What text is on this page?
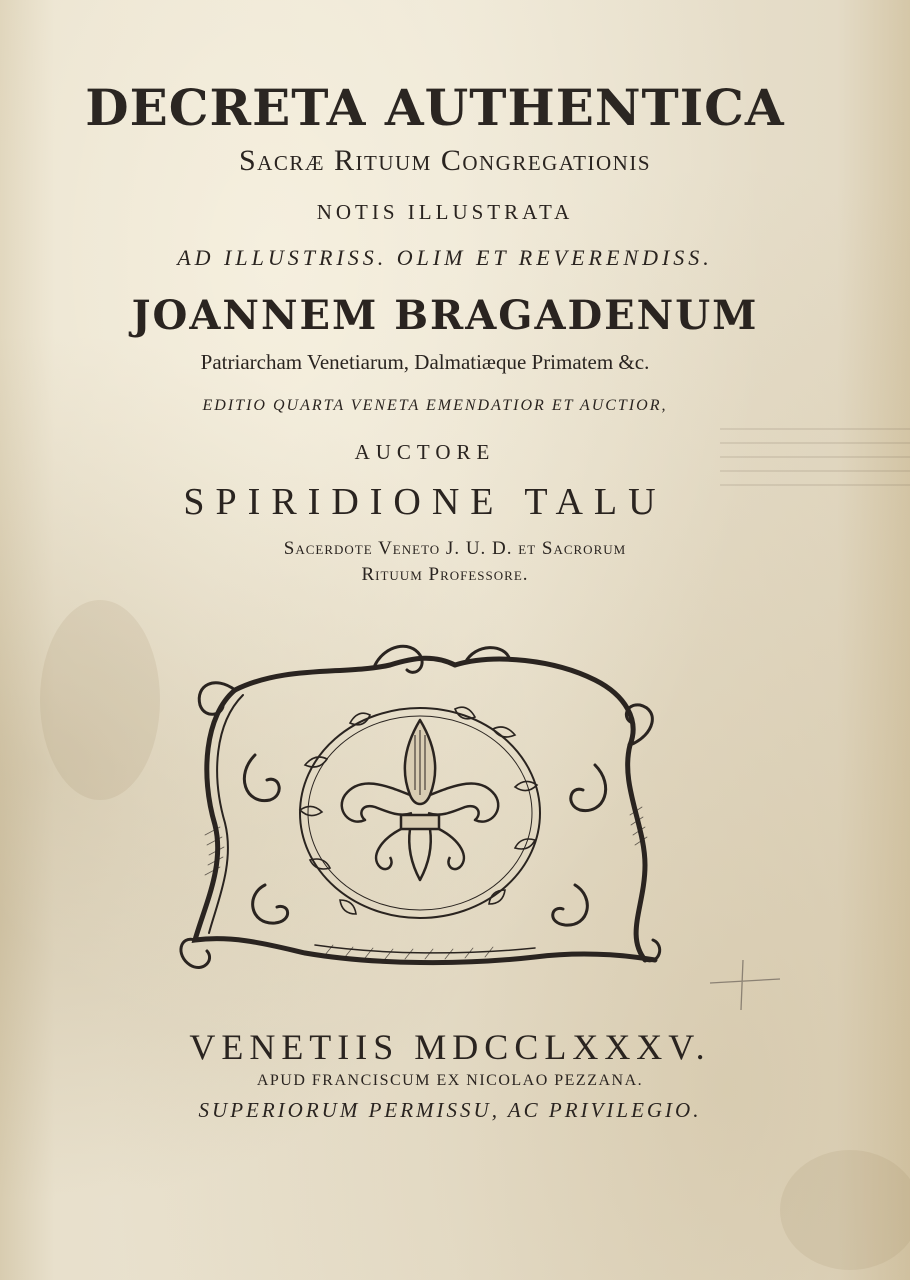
DECRETA AUTHENTICA
Sacræ Rituum Congregationis
NOTIS ILLUSTRATA
AD ILLUSTRISS. OLIM ET REVERENDISS.
JOANNEM BRAGADENUM
Patriarcham Venetiarum, Dalmatiæque Primatem &c.
EDITIO QUARTA VENETA EMENDATIOR ET AUCTIOR,
AUCTORE
SPIRIDIONE TALU
Sacerdote Veneto J. U. D. et Sacrorum
Rituum Professore.
VENETIIS MDCCLXXXV.
APUD FRANCISCUM EX NICOLAO PEZZANA.
SUPERIORUM PERMISSU, AC PRIVILEGIO.
